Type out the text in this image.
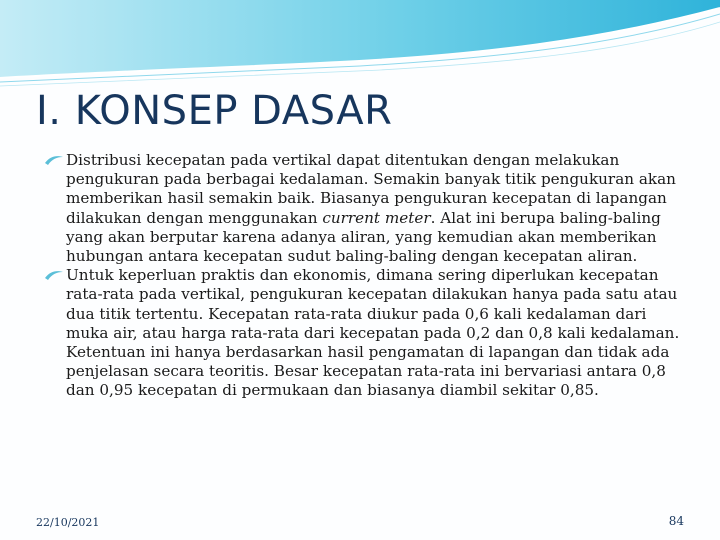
I. KONSEP DASAR
Distribusi kecepatan pada vertikal dapat ditentukan dengan melakukan pengukuran pada berbagai kedalaman. Semakin banyak titik pengukuran akan memberikan hasil semakin baik. Biasanya pengukuran kecepatan di lapangan dilakukan dengan menggunakan current meter. Alat ini berupa baling-baling yang akan berputar karena adanya aliran, yang kemudian akan memberikan hubungan antara kecepatan sudut baling-baling dengan kecepatan aliran.
Untuk keperluan praktis dan ekonomis, dimana sering diperlukan kecepatan rata-rata pada vertikal, pengukuran kecepatan dilakukan hanya pada satu atau dua titik tertentu. Kecepatan rata-rata diukur pada 0,6 kali kedalaman dari muka air, atau harga rata-rata dari kecepatan pada 0,2 dan 0,8 kali kedalaman. Ketentuan ini hanya berdasarkan hasil pengamatan di lapangan dan tidak ada penjelasan secara teoritis. Besar kecepatan rata-rata ini bervariasi antara 0,8 dan 0,95 kecepatan di permukaan dan biasanya diambil sekitar 0,85.
22/10/2021	84
